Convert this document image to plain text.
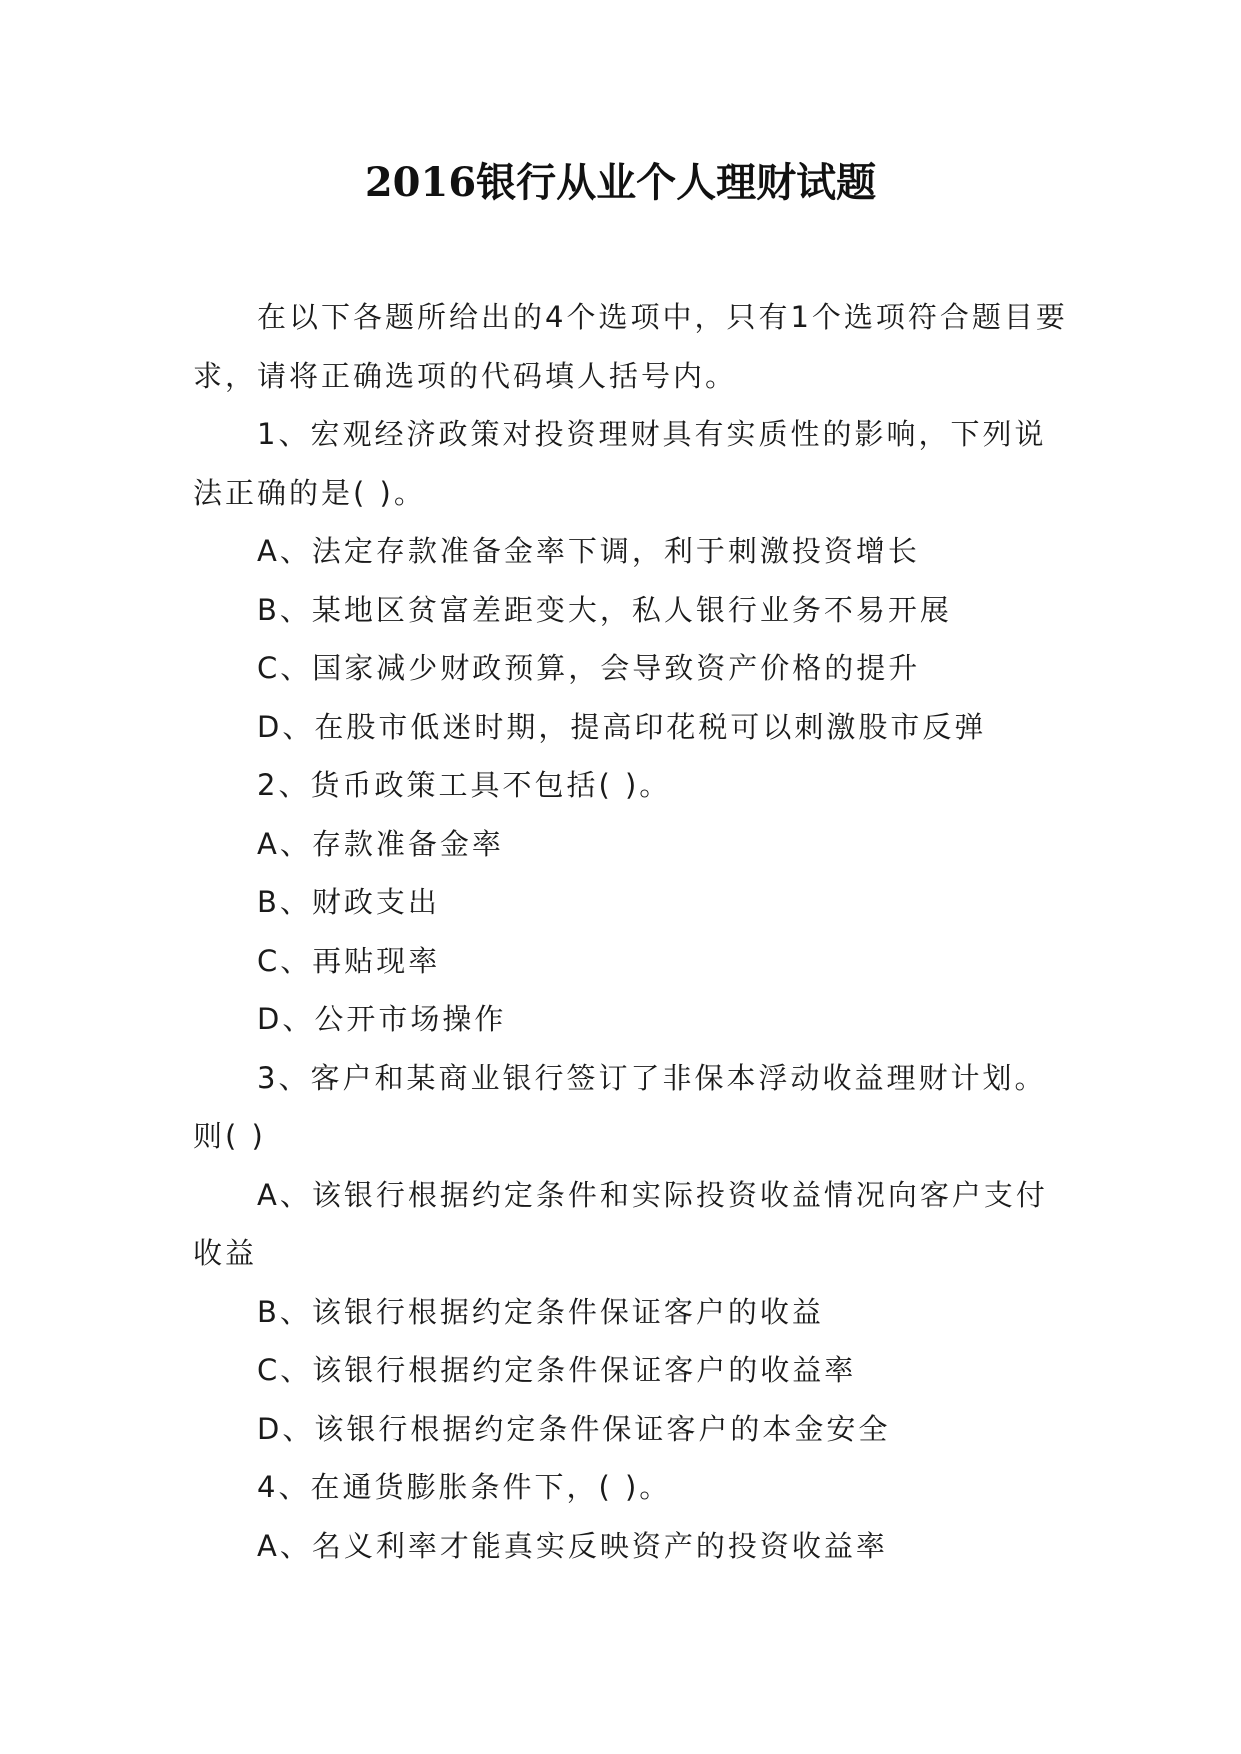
2016银行从业个人理财试题

在以下各题所给出的4个选项中，只有1个选项符合题目要求，请将正确选项的代码填人括号内。

1、宏观经济政策对投资理财具有实质性的影响，下列说法正确的是( )。

A、法定存款准备金率下调，利于刺激投资增长

B、某地区贫富差距变大，私人银行业务不易开展

C、国家减少财政预算，会导致资产价格的提升

D、在股市低迷时期，提高印花税可以刺激股市反弹

2、货币政策工具不包括( )。

A、存款准备金率

B、财政支出

C、再贴现率

D、公开市场操作

3、客户和某商业银行签订了非保本浮动收益理财计划。则( )

A、该银行根据约定条件和实际投资收益情况向客户支付收益

B、该银行根据约定条件保证客户的收益

C、该银行根据约定条件保证客户的收益率

D、该银行根据约定条件保证客户的本金安全

4、在通货膨胀条件下，( )。

A、名义利率才能真实反映资产的投资收益率
